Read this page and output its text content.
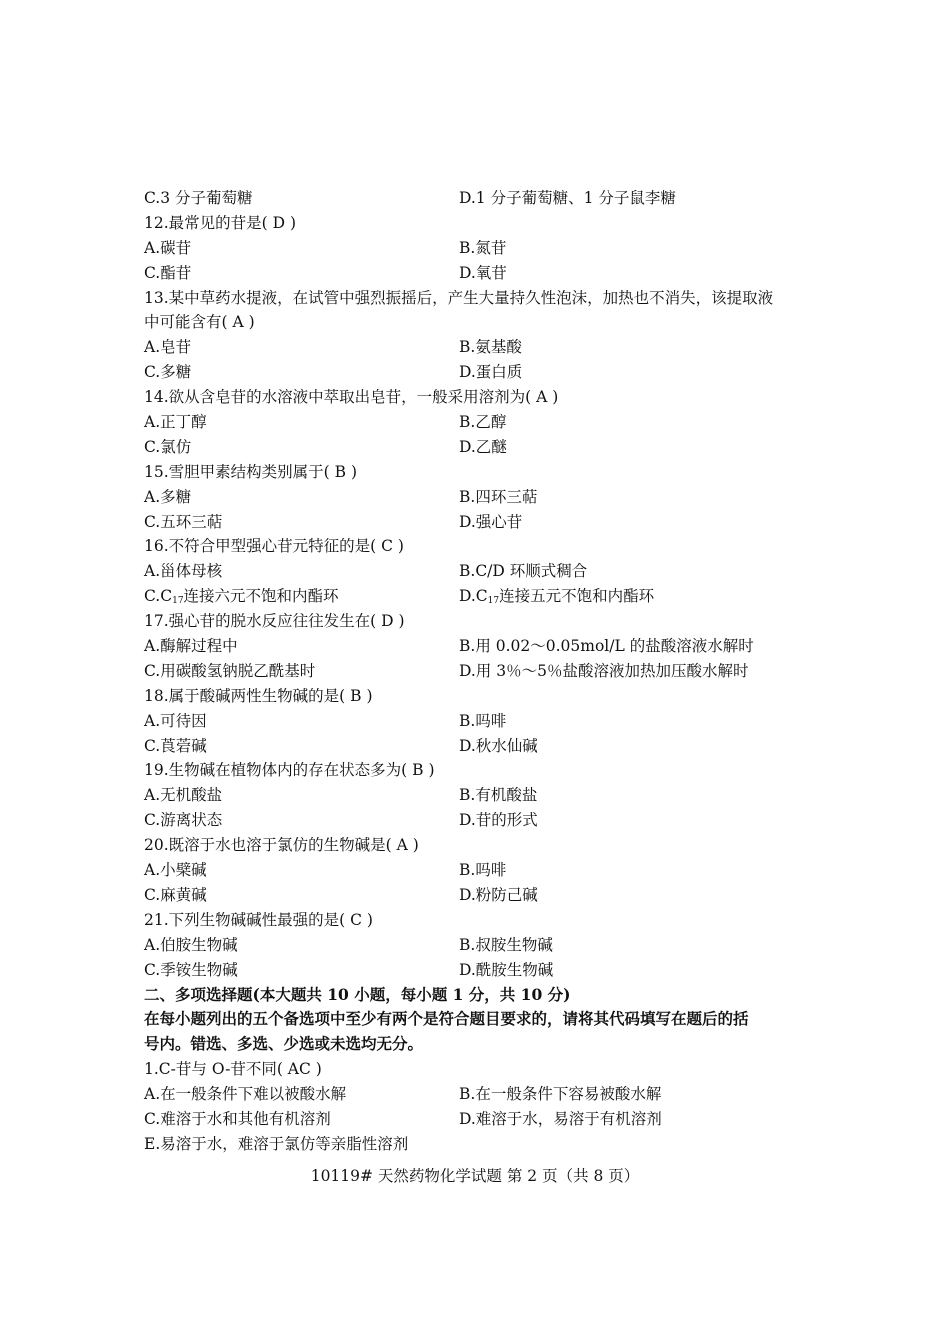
C.3 分子葡萄糖	D.1 分子葡萄糖、1 分子鼠李糖
12.最常见的苷是( D )
A.碳苷	B.氮苷
C.酯苷	D.氧苷
13.某中草药水提液，在试管中强烈振摇后，产生大量持久性泡沫，加热也不消失，该提取液
中可能含有( A )
A.皂苷	B.氨基酸
C.多糖	D.蛋白质
14.欲从含皂苷的水溶液中萃取出皂苷，一般采用溶剂为( A )
A.正丁醇	B.乙醇
C.氯仿	D.乙醚
15.雪胆甲素结构类别属于( B )
A.多糖	B.四环三萜
C.五环三萜	D.强心苷
16.不符合甲型强心苷元特征的是( C )
A.甾体母核	B.C/D 环顺式稠合
$C.C_{17}$连接六元不饱和内酯环	$D.C_{17}$连接五元不饱和内酯环
17.强心苷的脱水反应往往发生在( D )
A.酶解过程中	B.用 0.02～0.05mol/L 的盐酸溶液水解时
C.用碳酸氢钠脱乙酰基时	D.用 3％～5％盐酸溶液加热加压酸水解时
18.属于酸碱两性生物碱的是( B )
A.可待因	B.吗啡
C.莨菪碱	D.秋水仙碱
19.生物碱在植物体内的存在状态多为( B )
A.无机酸盐	B.有机酸盐
C.游离状态	D.苷的形式
20.既溶于水也溶于氯仿的生物碱是( A )
A.小檗碱	B.吗啡
C.麻黄碱	D.粉防己碱
21.下列生物碱碱性最强的是( C )
A.伯胺生物碱	B.叔胺生物碱
C.季铵生物碱	D.酰胺生物碱
二、多项选择题(本大题共 10 小题，每小题 1 分，共 10 分)
在每小题列出的五个备选项中至少有两个是符合题目要求的，请将其代码填写在题后的括
号内。错选、多选、少选或未选均无分。
1.C-苷与 O-苷不同( AC )
A.在一般条件下难以被酸水解	B.在一般条件下容易被酸水解
C.难溶于水和其他有机溶剂	D.难溶于水，易溶于有机溶剂
E.易溶于水，难溶于氯仿等亲脂性溶剂
10119# 天然药物化学试题 第 2 页（共 8 页）
